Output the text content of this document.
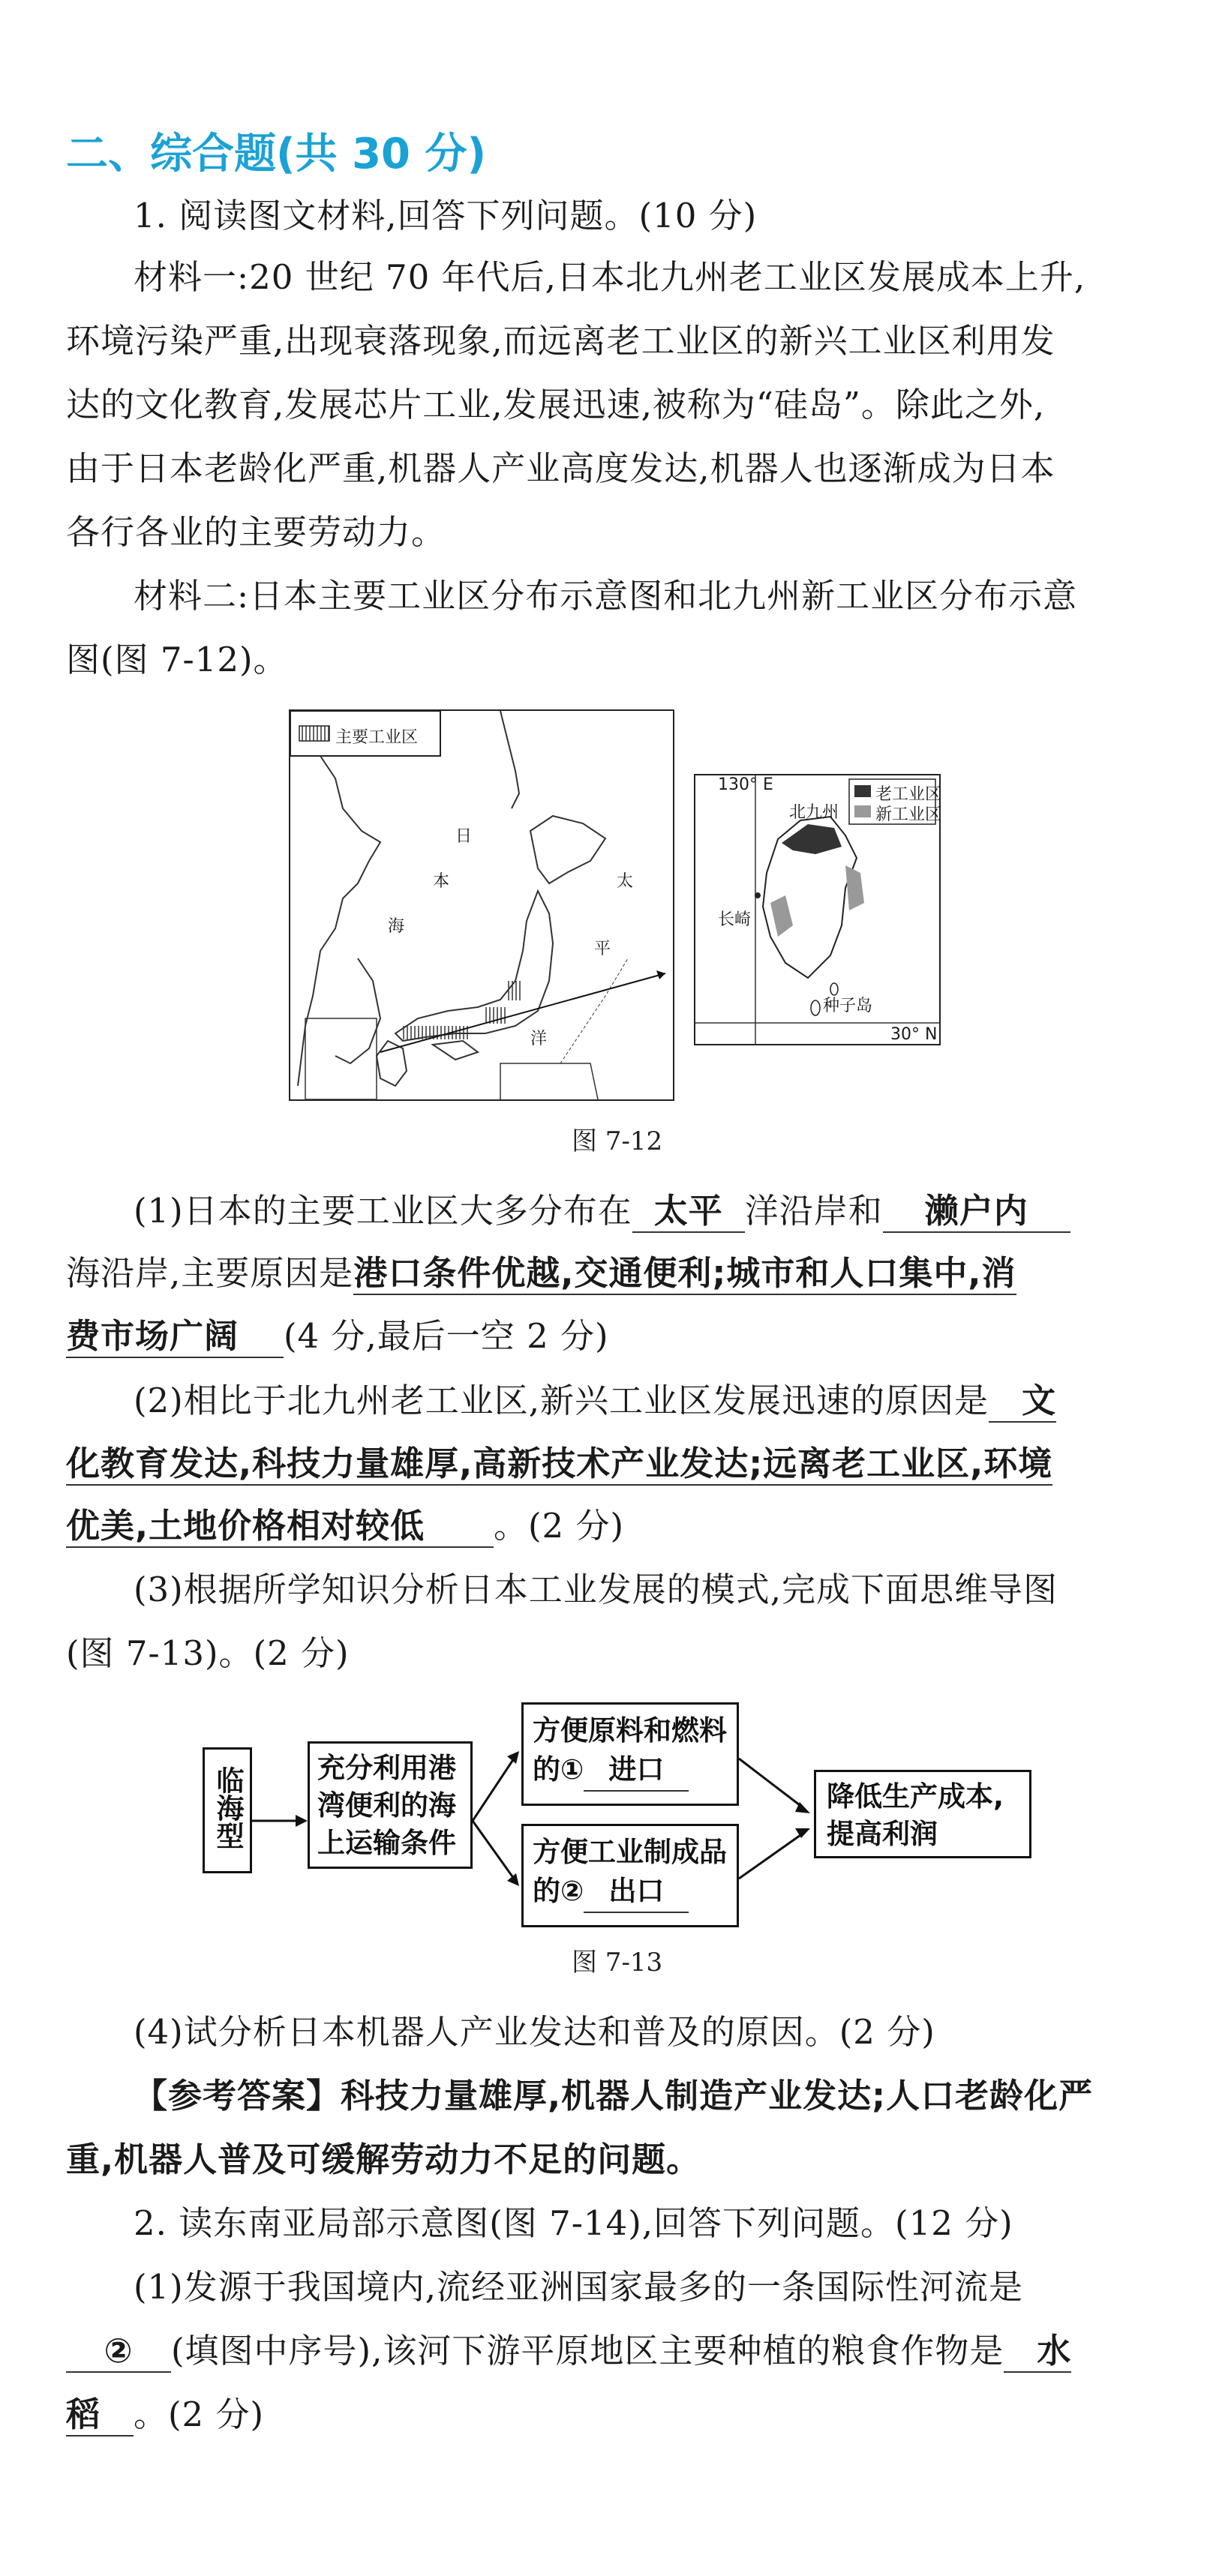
二、综合题(共 30 分)
1. 阅读图文材料,回答下列问题。(10 分)
材料一:20 世纪 70 年代后,日本北九州老工业区发展成本上升,
环境污染严重,出现衰落现象,而远离老工业区的新兴工业区利用发
达的文化教育,发展芯片工业,发展迅速,被称为“硅岛”。除此之外,
由于日本老龄化严重,机器人产业高度发达,机器人也逐渐成为日本
各行各业的主要劳动力。
材料二:日本主要工业区分布示意图和北九州新工业区分布示意
图(图 7-12)。
主要工业区
日
本
海
太
平
洋
130° E
老工业区
新工业区
北九州
长崎
种子岛
30° N
图 7-12
(1)日本的主要工业区大多分布在 太平 洋沿岸和 濑户内
海沿岸,主要原因是港口条件优越,交通便利;城市和人口集中,消
费市场广阔 (4 分,最后一空 2 分)
(2)相比于北九州老工业区,新兴工业区发展迅速的原因是 文
化教育发达,科技力量雄厚,高新技术产业发达;远离老工业区,环境
优美,土地价格相对较低 。(2 分)
(3)根据所学知识分析日本工业发展的模式,完成下面思维导图
(图 7-13)。(2 分)
临海型	充分利用港
湾便利的海
上运输条件
方便原料和燃料
的① 进口
方便工业制成品
的② 出口
降低生产成本,
提高利润
图 7-13
(4)试分析日本机器人产业发达和普及的原因。(2 分)
【参考答案】科技力量雄厚,机器人制造产业发达;人口老龄化严
重,机器人普及可缓解劳动力不足的问题。
2. 读东南亚局部示意图(图 7-14),回答下列问题。(12 分)
(1)发源于我国境内,流经亚洲国家最多的一条国际性河流是
② (填图中序号),该河下游平原地区主要种植的粮食作物是 水
稻 。(2 分)
